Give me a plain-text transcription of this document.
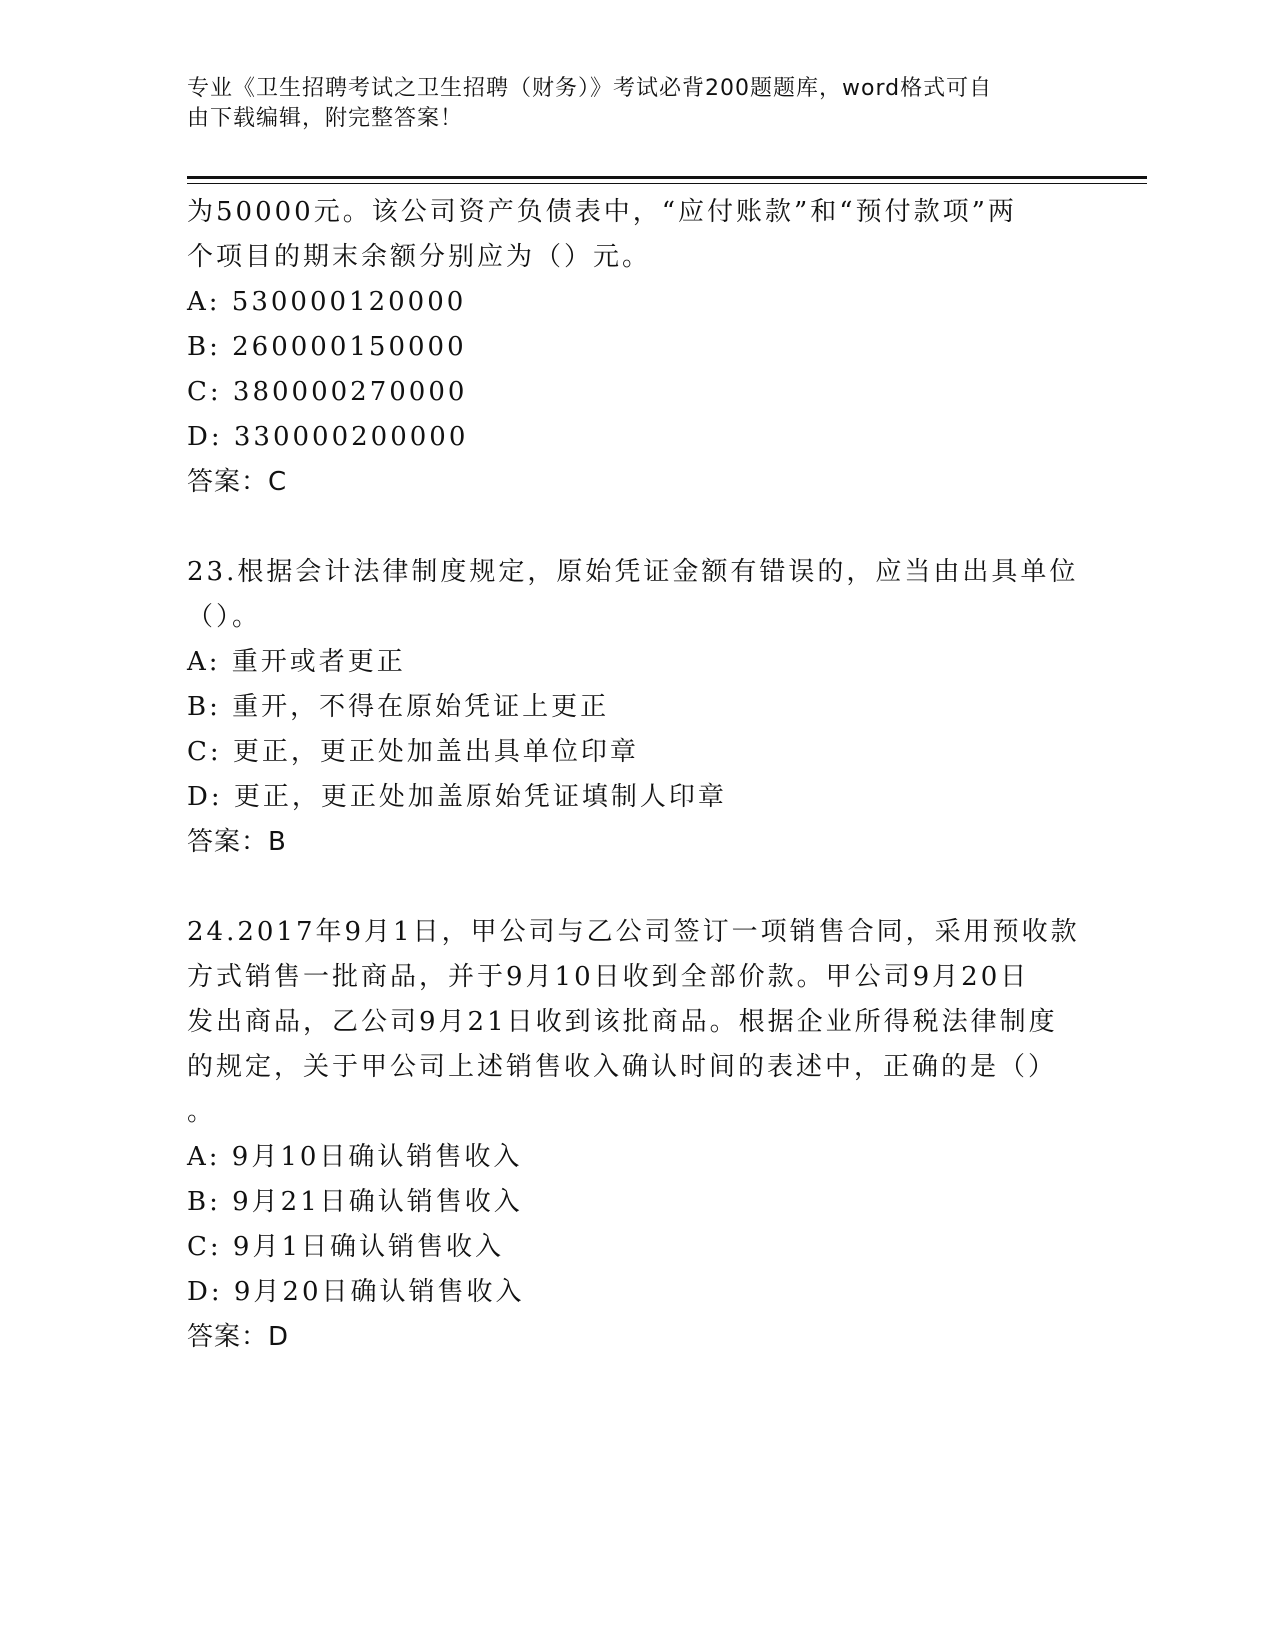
专业《卫生招聘考试之卫生招聘（财务）》考试必背200题题库，word格式可自
由下载编辑，附完整答案！
为50000元。该公司资产负债表中，“应付账款”和“预付款项”两
个项目的期末余额分别应为（）元。
A: 530000120000
B: 260000150000
C: 380000270000
D: 330000200000
答案：C
23.根据会计法律制度规定，原始凭证金额有错误的，应当由出具单位
（）。
A: 重开或者更正
B: 重开，不得在原始凭证上更正
C: 更正，更正处加盖出具单位印章
D: 更正，更正处加盖原始凭证填制人印章
答案：B
24.2017年9月1日，甲公司与乙公司签订一项销售合同，采用预收款
方式销售一批商品，并于9月10日收到全部价款。甲公司9月20日
发出商品，乙公司9月21日收到该批商品。根据企业所得税法律制度
的规定，关于甲公司上述销售收入确认时间的表述中，正确的是（）
。
A: 9月10日确认销售收入
B: 9月21日确认销售收入
C: 9月1日确认销售收入
D: 9月20日确认销售收入
答案：D
